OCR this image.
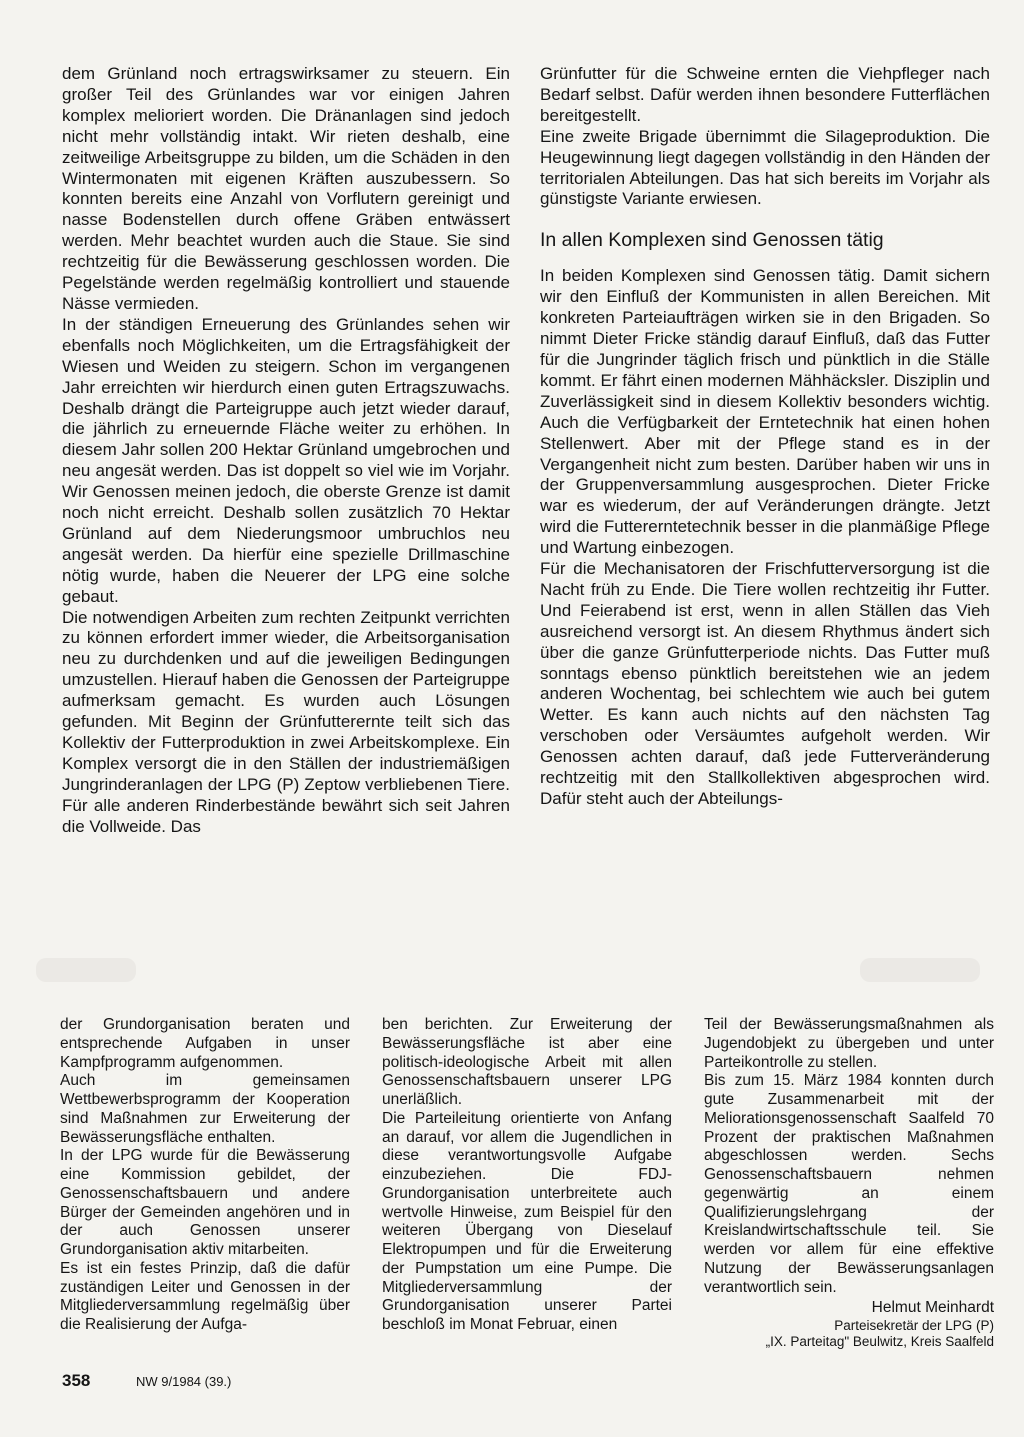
dem Grünland noch ertragswirksamer zu steuern. Ein großer Teil des Grünlandes war vor einigen Jahren komplex melioriert worden. Die Dränanlagen sind jedoch nicht mehr vollständig intakt. Wir rieten deshalb, eine zeitweilige Arbeitsgruppe zu bilden, um die Schäden in den Wintermonaten mit eigenen Kräften auszubessern. So konnten bereits eine Anzahl von Vorflutern gereinigt und nasse Bodenstellen durch offene Gräben entwässert werden. Mehr beachtet wurden auch die Staue. Sie sind rechtzeitig für die Bewässerung geschlossen worden. Die Pegelstände werden regelmäßig kontrolliert und stauende Nässe vermieden.

In der ständigen Erneuerung des Grünlandes sehen wir ebenfalls noch Möglichkeiten, um die Ertragsfähigkeit der Wiesen und Weiden zu steigern. Schon im vergangenen Jahr erreichten wir hierdurch einen guten Ertragszuwachs. Deshalb drängt die Parteigruppe auch jetzt wieder darauf, die jährlich zu erneuernde Fläche weiter zu erhöhen. In diesem Jahr sollen 200 Hektar Grünland umgebrochen und neu angesät werden. Das ist doppelt so viel wie im Vorjahr. Wir Genossen meinen jedoch, die oberste Grenze ist damit noch nicht erreicht. Deshalb sollen zusätzlich 70 Hektar Grünland auf dem Niederungsmoor umbruchlos neu angesät werden. Da hierfür eine spezielle Drillmaschine nötig wurde, haben die Neuerer der LPG eine solche gebaut.

Die notwendigen Arbeiten zum rechten Zeitpunkt verrichten zu können erfordert immer wieder, die Arbeitsorganisation neu zu durchdenken und auf die jeweiligen Bedingungen umzustellen. Hierauf haben die Genossen der Parteigruppe aufmerksam gemacht. Es wurden auch Lösungen gefunden. Mit Beginn der Grünfutterernte teilt sich das Kollektiv der Futterproduktion in zwei Arbeitskomplexe. Ein Komplex versorgt die in den Ställen der industriemäßigen Jungrinderanlagen der LPG (P) Zeptow verbliebenen Tiere. Für alle anderen Rinderbestände bewährt sich seit Jahren die Vollweide. Das

Grünfutter für die Schweine ernten die Viehpfleger nach Bedarf selbst. Dafür werden ihnen besondere Futterflächen bereitgestellt.

Eine zweite Brigade übernimmt die Silageproduktion. Die Heugewinnung liegt dagegen vollständig in den Händen der territorialen Abteilungen. Das hat sich bereits im Vorjahr als günstigste Variante erwiesen.

In allen Komplexen sind Genossen tätig

In beiden Komplexen sind Genossen tätig. Damit sichern wir den Einfluß der Kommunisten in allen Bereichen. Mit konkreten Parteiaufträgen wirken sie in den Brigaden. So nimmt Dieter Fricke ständig darauf Einfluß, daß das Futter für die Jungrinder täglich frisch und pünktlich in die Ställe kommt. Er fährt einen modernen Mähhäcksler. Disziplin und Zuverlässigkeit sind in diesem Kollektiv besonders wichtig. Auch die Verfügbarkeit der Erntetechnik hat einen hohen Stellenwert. Aber mit der Pflege stand es in der Vergangenheit nicht zum besten. Darüber haben wir uns in der Gruppenversammlung ausgesprochen. Dieter Fricke war es wiederum, der auf Veränderungen drängte. Jetzt wird die Futtererntetechnik besser in die planmäßige Pflege und Wartung einbezogen.

Für die Mechanisatoren der Frischfutterversorgung ist die Nacht früh zu Ende. Die Tiere wollen rechtzeitig ihr Futter. Und Feierabend ist erst, wenn in allen Ställen das Vieh ausreichend versorgt ist. An diesem Rhythmus ändert sich über die ganze Grünfutterperiode nichts. Das Futter muß sonntags ebenso pünktlich bereitstehen wie an jedem anderen Wochentag, bei schlechtem wie auch bei gutem Wetter. Es kann auch nichts auf den nächsten Tag verschoben oder Versäumtes aufgeholt werden. Wir Genossen achten darauf, daß jede Futterveränderung rechtzeitig mit den Stallkollektiven abgesprochen wird. Dafür steht auch der Abteilungs-

der Grundorganisation beraten und entsprechende Aufgaben in unser Kampfprogramm aufgenommen.

Auch im gemeinsamen Wettbewerbsprogramm der Kooperation sind Maßnahmen zur Erweiterung der Bewässerungsfläche enthalten.

In der LPG wurde für die Bewässerung eine Kommission gebildet, der Genossenschaftsbauern und andere Bürger der Gemeinden angehören und in der auch Genossen unserer Grundorganisation aktiv mitarbeiten.

Es ist ein festes Prinzip, daß die dafür zuständigen Leiter und Genossen in der Mitgliederversammlung regelmäßig über die Realisierung der Aufga-

ben berichten. Zur Erweiterung der Bewässerungsfläche ist aber eine politisch-ideologische Arbeit mit allen Genossenschaftsbauern unserer LPG unerläßlich.

Die Parteileitung orientierte von Anfang an darauf, vor allem die Jugendlichen in diese verantwortungsvolle Aufgabe einzubeziehen. Die FDJ-Grundorganisation unterbreitete auch wertvolle Hinweise, zum Beispiel für den weiteren Übergang von Dieselauf Elektropumpen und für die Erweiterung der Pumpstation um eine Pumpe. Die Mitgliederversammlung der Grundorganisation unserer Partei beschloß im Monat Februar, einen

Teil der Bewässerungsmaßnahmen als Jugendobjekt zu übergeben und unter Parteikontrolle zu stellen.

Bis zum 15. März 1984 konnten durch gute Zusammenarbeit mit der Meliorationsgenossenschaft Saalfeld 70 Prozent der praktischen Maßnahmen abgeschlossen werden. Sechs Genossenschaftsbauern nehmen gegenwärtig an einem Qualifizierungslehrgang der Kreislandwirtschaftsschule teil. Sie werden vor allem für eine effektive Nutzung der Bewässerungsanlagen verantwortlich sein.

Helmut Meinhardt
Parteisekretär der LPG (P)
„IX. Parteitag" Beulwitz, Kreis Saalfeld
358	NW 9/1984 (39.)
